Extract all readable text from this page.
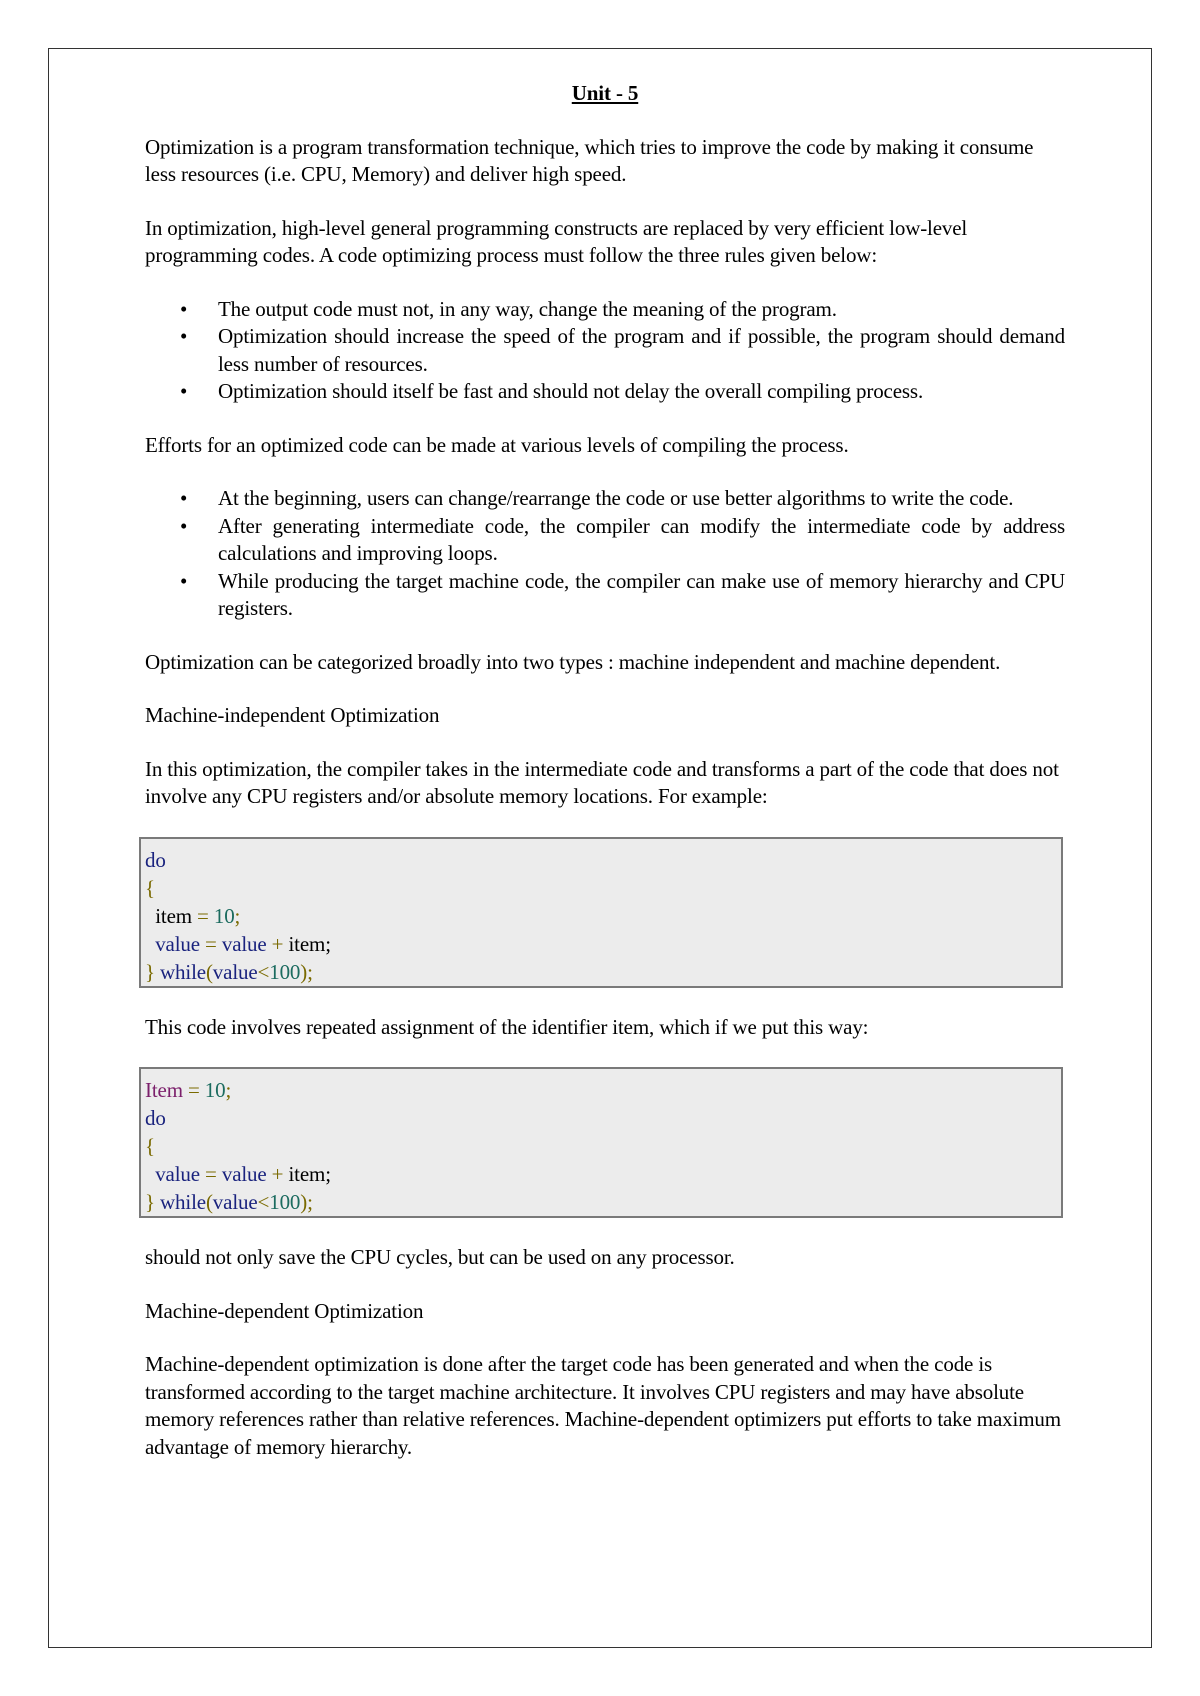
Unit - 5

Optimization is a program transformation technique, which tries to improve the code by making it consume less resources (i.e. CPU, Memory) and deliver high speed.

In optimization, high-level general programming constructs are replaced by very efficient low-level programming codes. A code optimizing process must follow the three rules given below:

• The output code must not, in any way, change the meaning of the program.
• Optimization should increase the speed of the program and if possible, the program should demand less number of resources.
• Optimization should itself be fast and should not delay the overall compiling process.

Efforts for an optimized code can be made at various levels of compiling the process.

• At the beginning, users can change/rearrange the code or use better algorithms to write the code.
• After generating intermediate code, the compiler can modify the intermediate code by address calculations and improving loops.
• While producing the target machine code, the compiler can make use of memory hierarchy and CPU registers.

Optimization can be categorized broadly into two types : machine independent and machine dependent.

Machine-independent Optimization

In this optimization, the compiler takes in the intermediate code and transforms a part of the code that does not involve any CPU registers and/or absolute memory locations. For example:

do
{
item = 10;
value = value + item;
} while(value<100);

This code involves repeated assignment of the identifier item, which if we put this way:

Item = 10;
do
{
value = value + item;
} while(value<100);

should not only save the CPU cycles, but can be used on any processor.

Machine-dependent Optimization

Machine-dependent optimization is done after the target code has been generated and when the code is transformed according to the target machine architecture. It involves CPU registers and may have absolute memory references rather than relative references. Machine-dependent optimizers put efforts to take maximum advantage of memory hierarchy.
